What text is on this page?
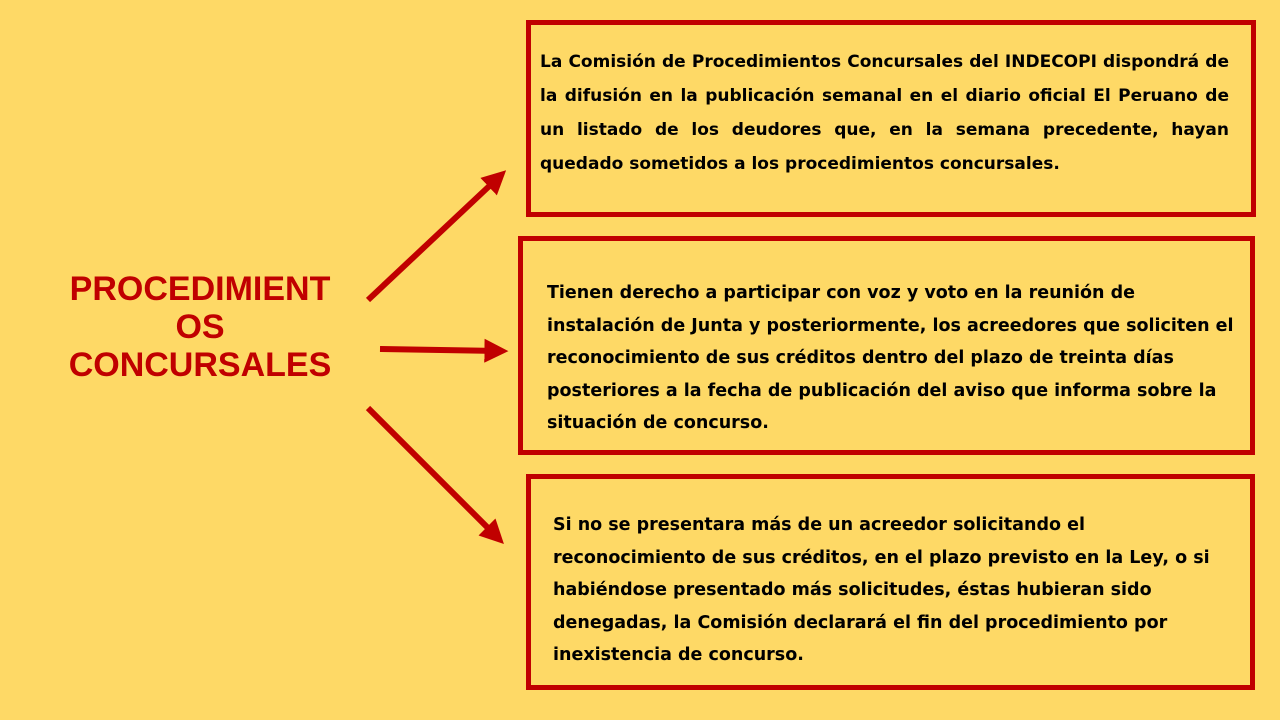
PROCEDIMIENT
OS
CONCURSALES
La Comisión de Procedimientos Concursales del INDECOPI dispondrá de la difusión en la publicación semanal en el diario oficial El Peruano de un listado de los deudores que, en la semana precedente, hayan quedado sometidos a los procedimientos concursales.
Tienen derecho a participar con voz y voto en la reunión de instalación de Junta y posteriormente, los acreedores que soliciten el reconocimiento de sus créditos dentro del plazo de treinta días posteriores a la fecha de publicación del aviso que informa sobre la situación de concurso.
Si no se presentara más de un acreedor solicitando el reconocimiento de sus créditos, en el plazo previsto en la Ley, o si habiéndose presentado más solicitudes, éstas hubieran sido denegadas, la Comisión declarará el fin del procedimiento por inexistencia de concurso.
